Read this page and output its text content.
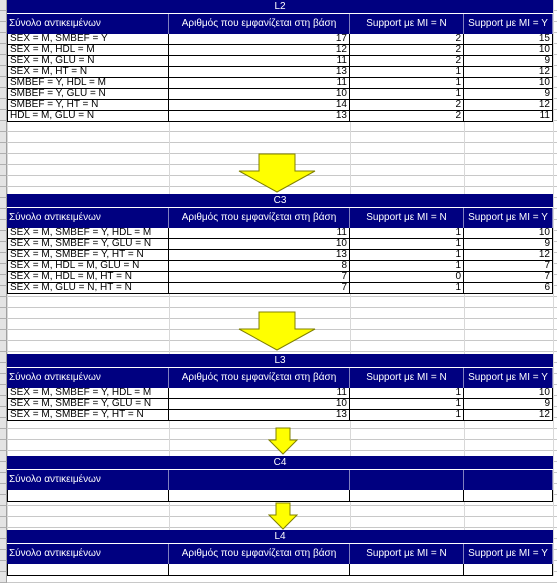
L2
Σύνολο αντικειμένων	Αριθμός που εμφανίζεται στη βάση	Support με MI = N	Support με MI = Y
SEX = M, SMBEF = Y	17	2	15
SEX = M, HDL = M	12	2	10
SEX = M, GLU = N	11	2	9
SEX = M, HT = N	13	1	12
SMBEF = Y, HDL = M	11	1	10
SMBEF = Y, GLU = N	10	1	9
SMBEF = Y, HT = N	14	2	12
HDL = M, GLU = N	13	2	11
C3
Σύνολο αντικειμένων	Αριθμός που εμφανίζεται στη βάση	Support με MI = N	Support με MI = Y
SEX = M, SMBEF = Y, HDL = M	11	1	10
SEX = M, SMBEF = Y, GLU = N	10	1	9
SEX = M, SMBEF = Y, HT = N	13	1	12
SEX = M, HDL = M, GLU = N	8	1	7
SEX = M, HDL = M, HT = N	7	0	7
SEX = M, GLU = N, HT = N	7	1	6
L3
Σύνολο αντικειμένων	Αριθμός που εμφανίζεται στη βάση	Support με MI = N	Support με MI = Y
SEX = M, SMBEF = Y, HDL = M	11	1	10
SEX = M, SMBEF = Y, GLU = N	10	1	9
SEX = M, SMBEF = Y, HT = N	13	1	12
C4
Σύνολο αντικειμένων
L4
Σύνολο αντικειμένων	Αριθμός που εμφανίζεται στη βάση	Support με MI = N	Support με MI = Y
